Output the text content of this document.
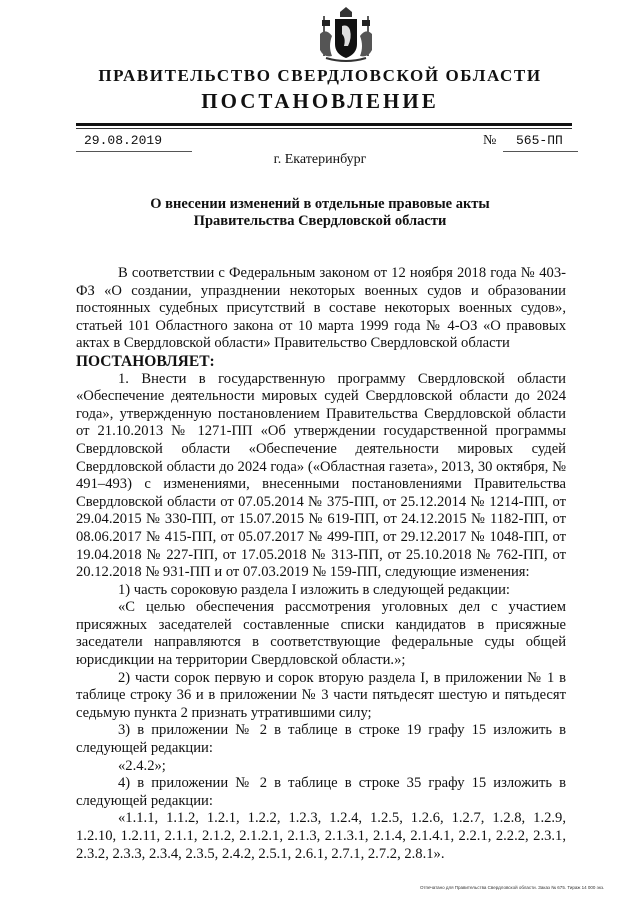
ПРАВИТЕЛЬСТВО СВЕРДЛОВСКОЙ ОБЛАСТИ
ПОСТАНОВЛЕНИЕ
29.08.2019	№ 565-ПП
г. Екатеринбург
О внесении изменений в отдельные правовые акты
Правительства Свердловской области

В соответствии с Федеральным законом от 12 ноября 2018 года № 403-ФЗ «О создании, упразднении некоторых военных судов и образовании постоянных судебных присутствий в составе некоторых военных судов», статьей 101 Областного закона от 10 марта 1999 года № 4-ОЗ «О правовых актах в Свердловской области» Правительство Свердловской области

ПОСТАНОВЛЯЕТ:

1. Внести в государственную программу Свердловской области «Обеспечение деятельности мировых судей Свердловской области до 2024 года», утвержденную постановлением Правительства Свердловской области от 21.10.2013 № 1271-ПП «Об утверждении государственной программы Свердловской области «Обеспечение деятельности мировых судей Свердловской области до 2024 года» («Областная газета», 2013, 30 октября, № 491–493) с изменениями, внесенными постановлениями Правительства Свердловской области от 07.05.2014 № 375-ПП, от 25.12.2014 № 1214-ПП, от 29.04.2015 № 330-ПП, от 15.07.2015 № 619-ПП, от 24.12.2015 № 1182-ПП, от 08.06.2017 № 415-ПП, от 05.07.2017 № 499-ПП, от 29.12.2017 № 1048-ПП, от 19.04.2018 № 227-ПП, от 17.05.2018 № 313-ПП, от 25.10.2018 № 762-ПП, от 20.12.2018 № 931-ПП и от 07.03.2019 № 159-ПП, следующие изменения:

1) часть сороковую раздела I изложить в следующей редакции:

«С целью обеспечения рассмотрения уголовных дел с участием присяжных заседателей составленные списки кандидатов в присяжные заседатели направляются в соответствующие федеральные суды общей юрисдикции на территории Свердловской области.»;

2) части сорок первую и сорок вторую раздела I, в приложении № 1 в таблице строку 36 и в приложении № 3 части пятьдесят шестую и пятьдесят седьмую пункта 2 признать утратившими силу;

3) в приложении № 2 в таблице в строке 19 графу 15 изложить в следующей редакции:

«2.4.2»;

4) в приложении № 2 в таблице в строке 35 графу 15 изложить в следующей редакции:

«1.1.1, 1.1.2, 1.2.1, 1.2.2, 1.2.3, 1.2.4, 1.2.5, 1.2.6, 1.2.7, 1.2.8, 1.2.9, 1.2.10, 1.2.11, 2.1.1, 2.1.2, 2.1.2.1, 2.1.3, 2.1.3.1, 2.1.4, 2.1.4.1, 2.2.1, 2.2.2, 2.3.1, 2.3.2, 2.3.3, 2.3.4, 2.3.5, 2.4.2, 2.5.1, 2.6.1, 2.7.1, 2.7.2, 2.8.1».

Отпечатано для Правительства Свердловской области. Заказ № 675. Тираж 14 000 экз.
